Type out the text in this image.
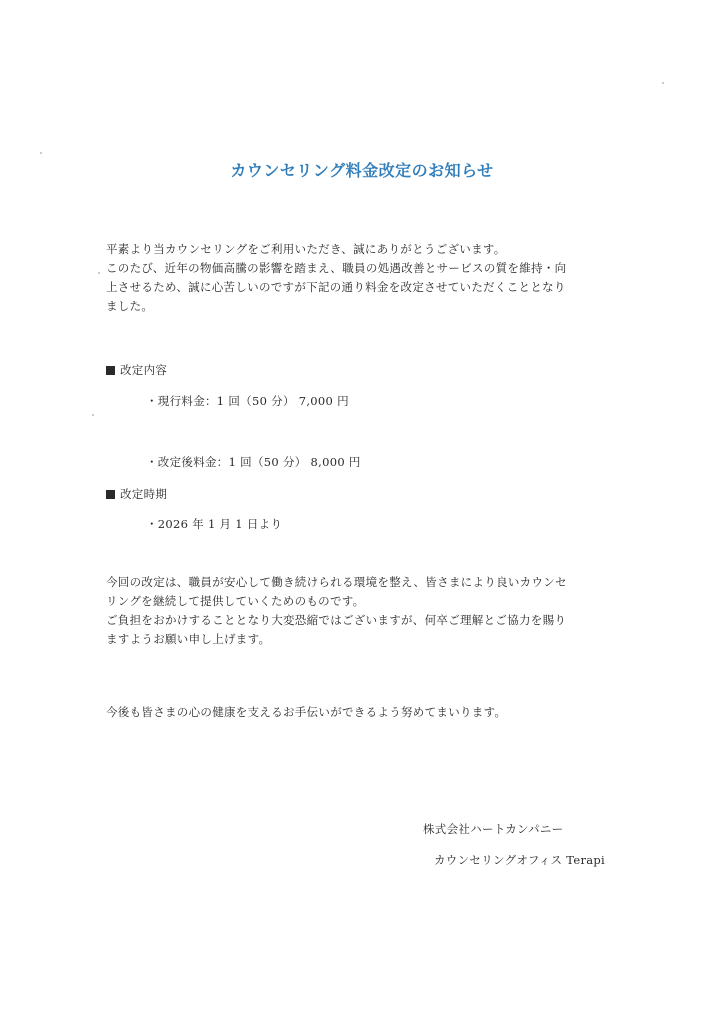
カウンセリング料金改定のお知らせ

平素より当カウンセリングをご利用いただき、誠にありがとうございます。

このたび、近年の物価高騰の影響を踏まえ、職員の処遇改善とサービスの質を維持・向

上させるため、誠に心苦しいのですが下記の通り料金を改定させていただくこととなり

ました。

改定内容
・現行料金：1 回（50 分） 7,000 円
・改定後料金：1 回（50 分） 8,000 円
改定時期
・2026 年 1 月 1 日より

今回の改定は、職員が安心して働き続けられる環境を整え、皆さまにより良いカウンセ

リングを継続して提供していくためのものです。

ご負担をおかけすることとなり大変恐縮ではございますが、何卒ご理解とご協力を賜り

ますようお願い申し上げます。

今後も皆さまの心の健康を支えるお手伝いができるよう努めてまいります。

株式会社ハートカンパニー
カウンセリングオフィス Terapi
